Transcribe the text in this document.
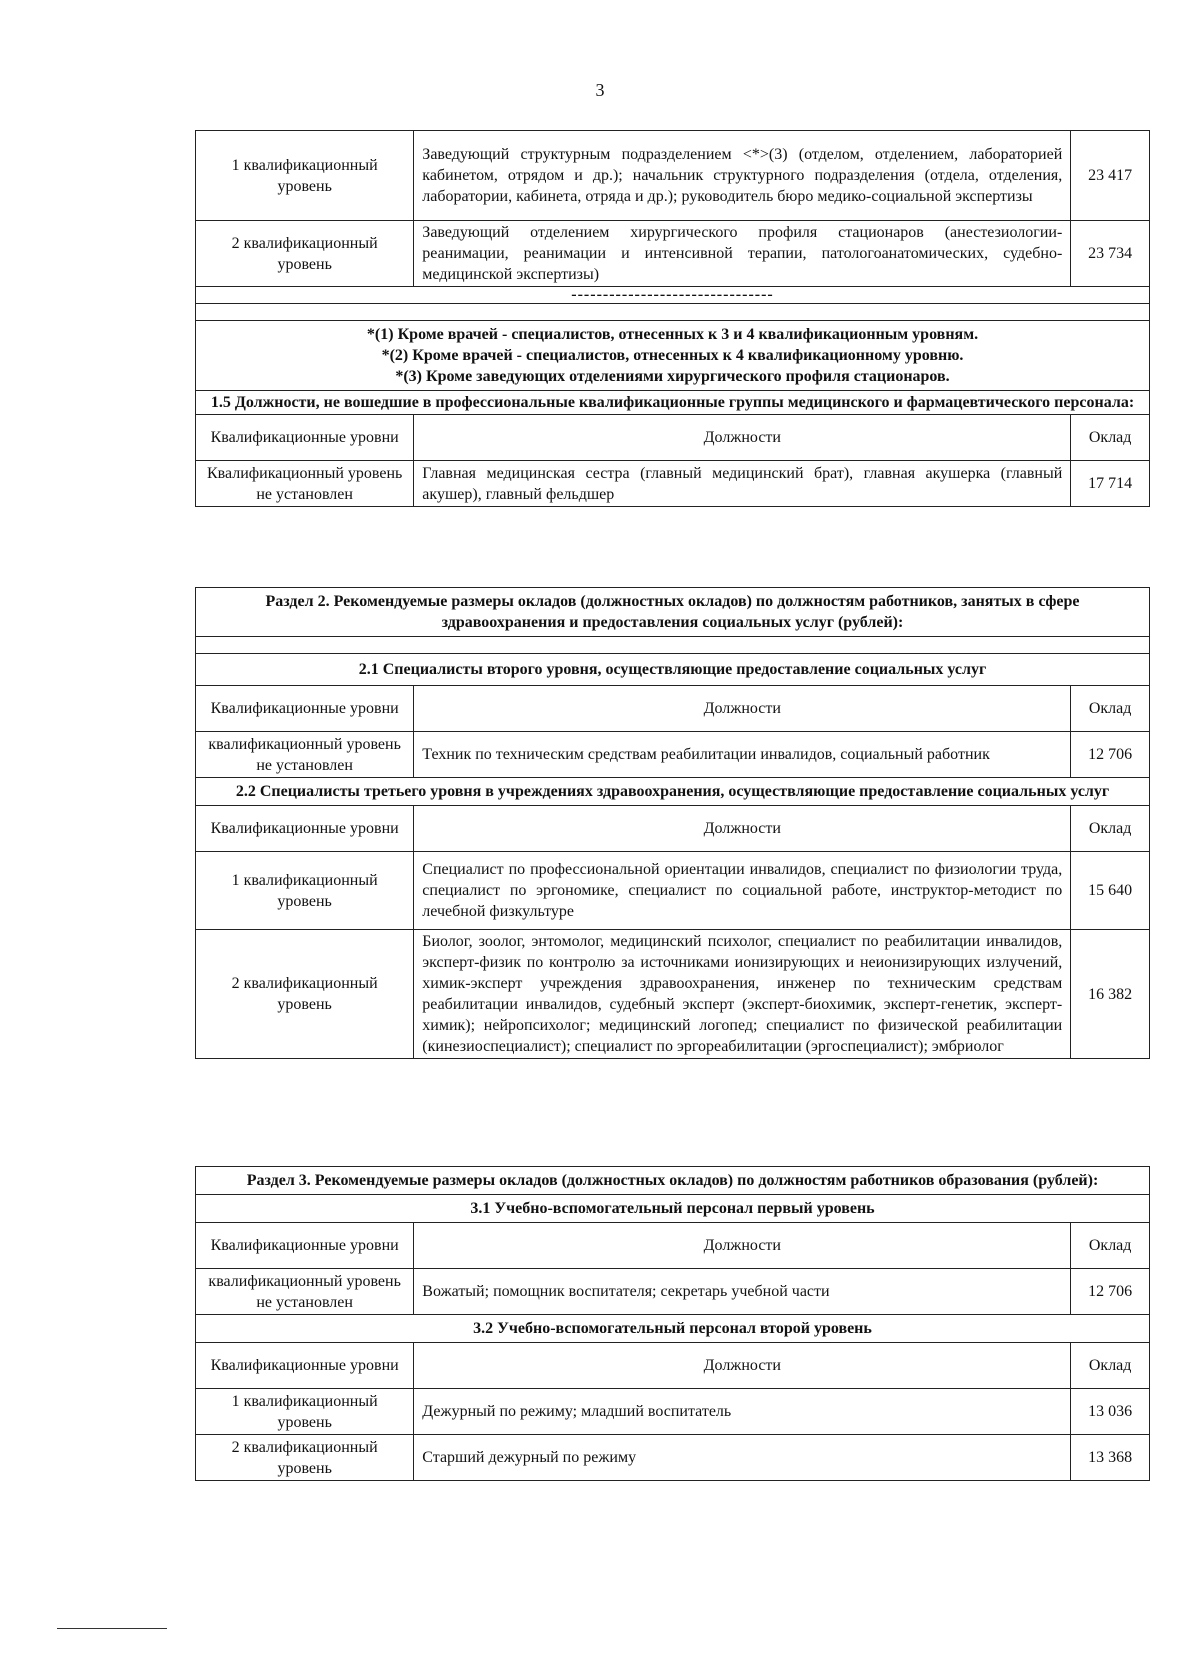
3
1 квалификационный уровень	Заведующий структурным подразделением <*>(3) (отделом, отделением, лабораторией кабинетом, отрядом и др.); начальник структурного подразделения (отдела, отделения, лаборатории, кабинета, отряда и др.); руководитель бюро медико-социальной экспертизы	23 417
2 квалификационный уровень	Заведующий отделением хирургического профиля стационаров (анестезиологии-реанимации, реанимации и интенсивной терапии, патологоанатомических, судебно-медицинской экспертизы)	23 734
--------------------------------		

*(1) Кроме врачей - специалистов, отнесенных к 3 и 4 квалификационным уровням.
*(2) Кроме врачей - специалистов, отнесенных к 4 квалификационному уровню.
*(3) Кроме заведующих отделениями хирургического профиля стационаров.		

1.5 Должности, не вошедшие в профессиональные квалификационные группы медицинского и фармацевтического персонала:		
Квалификационные уровни	Должности	Оклад
Квалификационный уровень не установлен	Главная медицинская сестра (главный медицинский брат), главная акушерка (главный акушер), главный фельдшер	17 714
Раздел 2. Рекомендуемые размеры окладов (должностных окладов) по должностям работников, занятых в сфере здравоохранения и предоставления социальных услуг (рублей):		

2.1 Специалисты второго уровня, осуществляющие предоставление социальных услуг		
Квалификационные уровни	Должности	Оклад
квалификационный уровень не установлен	Техник по техническим средствам реабилитации инвалидов, социальный работник	12 706
2.2 Специалисты третьего уровня в учреждениях здравоохранения, осуществляющие предоставление социальных услуг		
Квалификационные уровни	Должности	Оклад
1 квалификационный уровень	Специалист по профессиональной ориентации инвалидов, специалист по физиологии труда, специалист по эргономике, специалист по социальной работе, инструктор-методист по лечебной физкультуре	15 640
2 квалификационный уровень	Биолог, зоолог, энтомолог, медицинский психолог, специалист по реабилитации инвалидов, эксперт-физик по контролю за источниками ионизирующих и неионизирующих излучений, химик-эксперт учреждения здравоохранения, инженер по техническим средствам реабилитации инвалидов, судебный эксперт (эксперт-биохимик, эксперт-генетик, эксперт-химик); нейропсихолог; медицинский логопед; специалист по физической реабилитации (кинезиоспециалист); специалист по эргореабилитации (эргоспециалист); эмбриолог	16 382
Раздел 3. Рекомендуемые размеры окладов (должностных окладов) по должностям работников образования (рублей):		
3.1 Учебно-вспомогательный персонал первый уровень		
Квалификационные уровни	Должности	Оклад
квалификационный уровень не установлен	Вожатый; помощник воспитателя; секретарь учебной части	12 706
3.2 Учебно-вспомогательный персонал второй уровень		
Квалификационные уровни	Должности	Оклад
1 квалификационный уровень	Дежурный по режиму; младший воспитатель	13 036
2 квалификационный уровень	Старший дежурный по режиму	13 368
